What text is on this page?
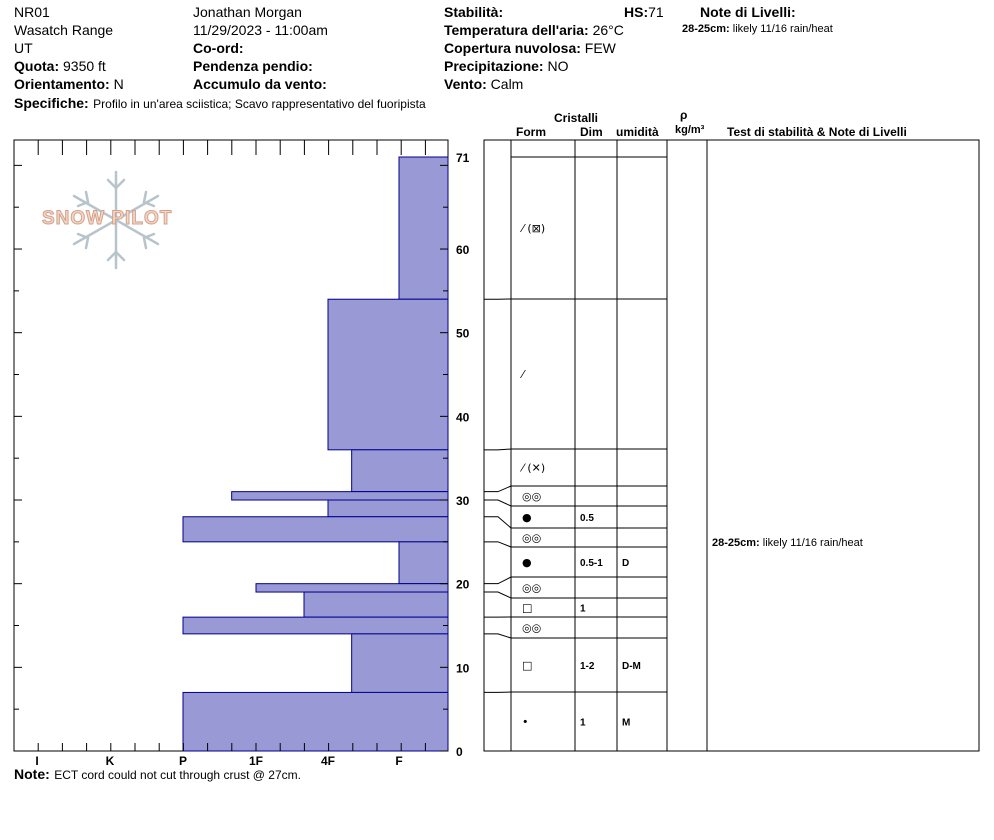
NR01
Wasatch Range
UT
Quota: 9350 ft
Orientamento: N
Specifiche: Profilo in un'area sciistica; Scavo rappresentativo del fuoripista
Jonathan Morgan
11/29/2023 - 11:00am
Co-ord:
Pendenza pendio:
Accumulo da vento:
Stabilità:	HS:71
Temperatura dell'aria: 26°C
Copertura nuvolosa: FEW
Precipitazione: NO
Vento: Calm
Note di Livelli:
28-25cm: likely 11/16 rain/heat
Note: ECT cord could not cut through crust @ 27cm.
Cristalli
Form	Dim umidità
ρ
kg/m³ Test di stabilità & Note di Livelli
SNOW PILOT
0
10
20
30
40
50
60
71
I	K	P	1F	4F	F
⁄ (⊠)
⁄
⁄ (✕)
◎◎
●	0.5
◎◎
●	0.5-1 D
◎◎
□	1
◎◎
□	1-2	D-M
•	1	M
28-25cm: likely 11/16 rain/heat
